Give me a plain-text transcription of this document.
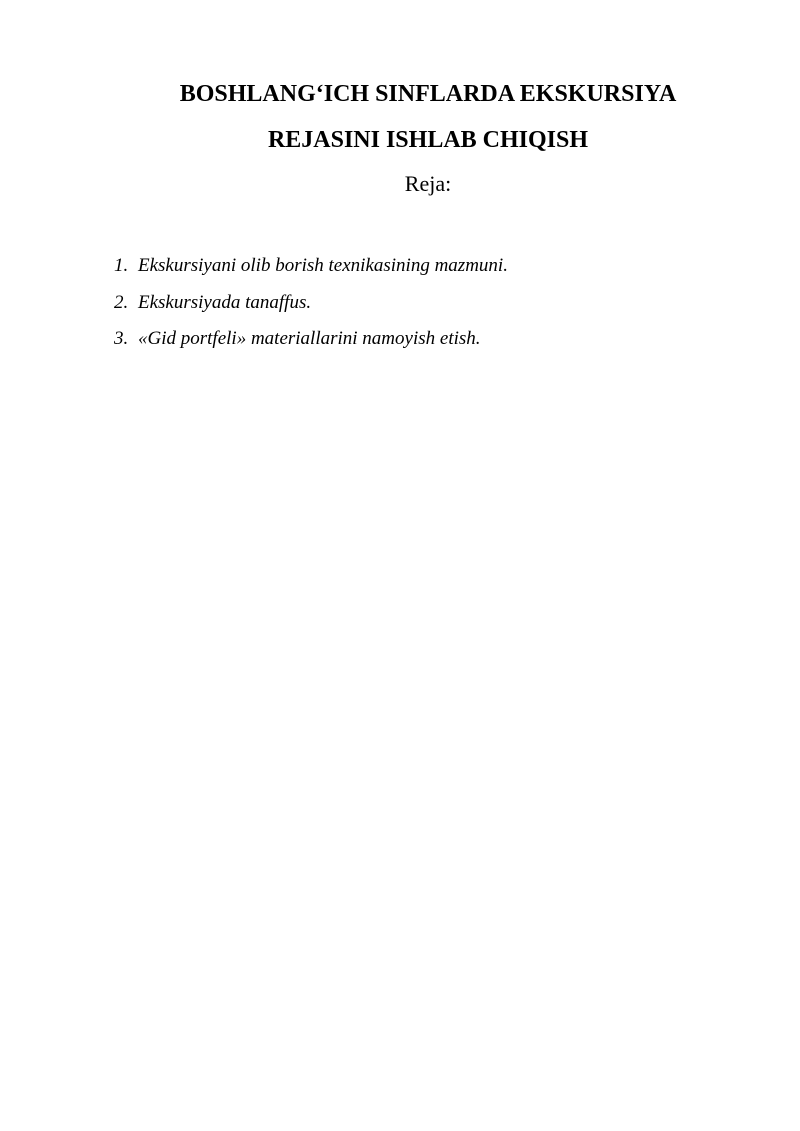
BOSHLANG‘ICH SINFLARDA EKSKURSIYA
REJASINI ISHLAB CHIQISH
Reja:
1. Ekskursiyani olib borish texnikasining mazmuni.
2. Ekskursiyada tanaffus.
3. «Gid portfeli» materiallarini namoyish etish.
